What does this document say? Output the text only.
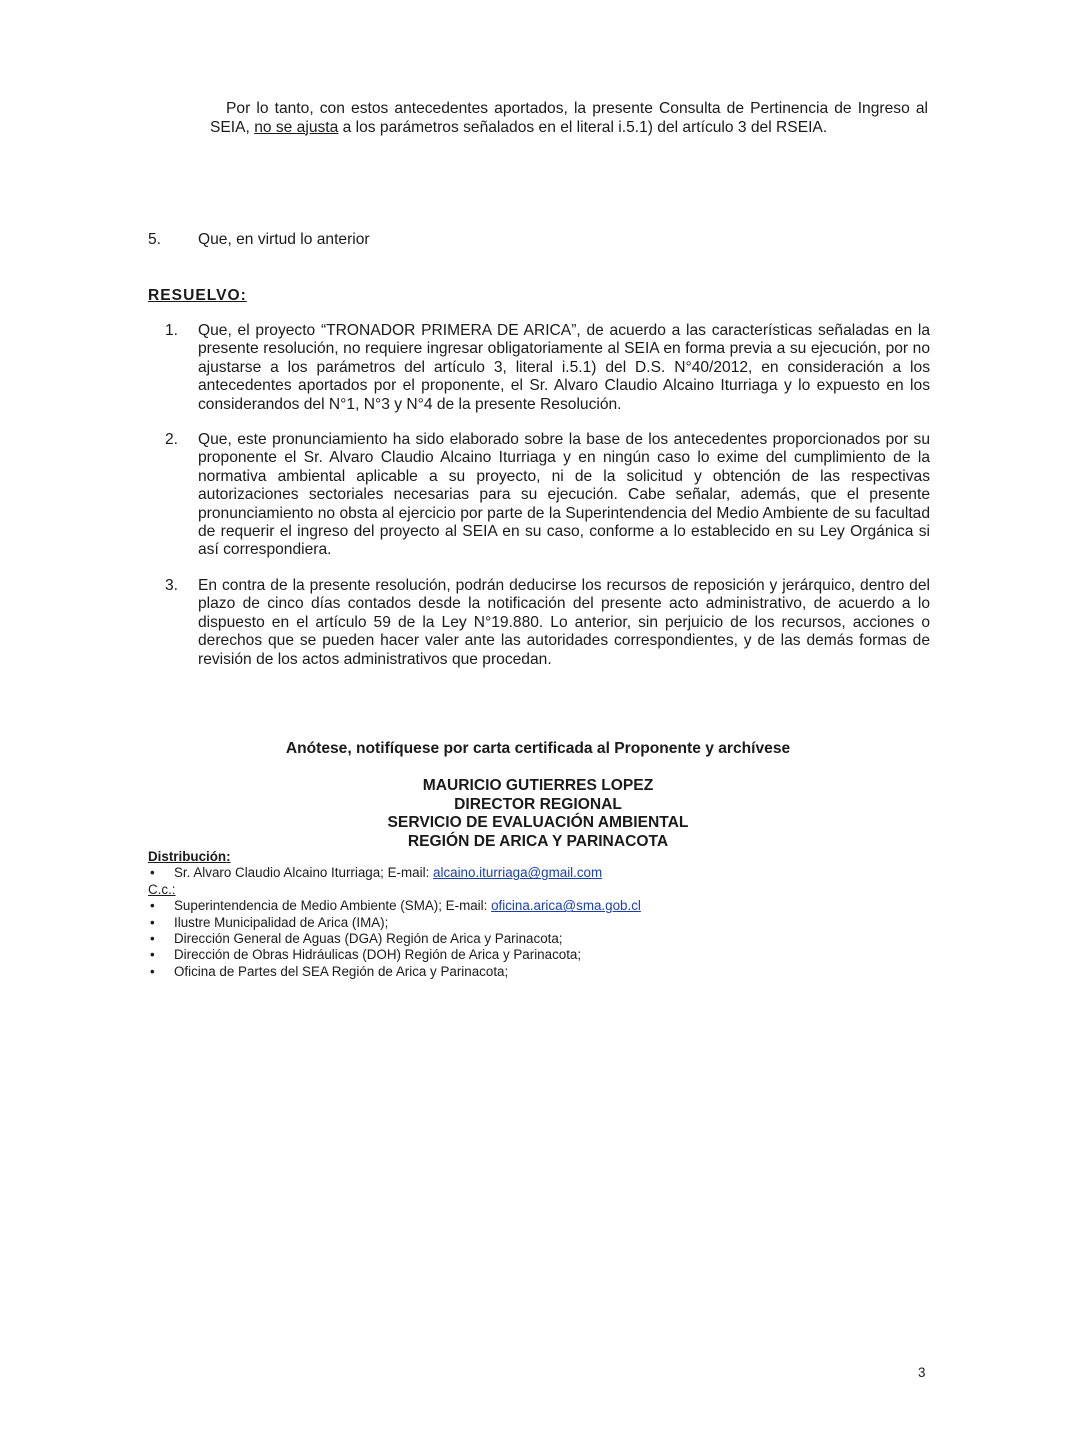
Por lo tanto, con estos antecedentes aportados, la presente Consulta de Pertinencia de Ingreso al SEIA, no se ajusta a los parámetros señalados en el literal i.5.1) del artículo 3 del RSEIA.
5. Que, en virtud lo anterior
RESUELVO:
1.	Que, el proyecto “TRONADOR PRIMERA DE ARICA”, de acuerdo a las características señaladas en la presente resolución, no requiere ingresar obligatoriamente al SEIA en forma previa a su ejecución, por no ajustarse a los parámetros del artículo 3, literal i.5.1) del D.S. N°40/2012, en consideración a los antecedentes aportados por el proponente, el Sr. Alvaro Claudio Alcaino Iturriaga y lo expuesto en los considerandos del N°1, N°3 y N°4 de la presente Resolución.
2.	Que, este pronunciamiento ha sido elaborado sobre la base de los antecedentes proporcionados por su proponente el Sr. Alvaro Claudio Alcaino Iturriaga y en ningún caso lo exime del cumplimiento de la normativa ambiental aplicable a su proyecto, ni de la solicitud y obtención de las respectivas autorizaciones sectoriales necesarias para su ejecución. Cabe señalar, además, que el presente pronunciamiento no obsta al ejercicio por parte de la Superintendencia del Medio Ambiente de su facultad de requerir el ingreso del proyecto al SEIA en su caso, conforme a lo establecido en su Ley Orgánica si así correspondiera.
3.	En contra de la presente resolución, podrán deducirse los recursos de reposición y jerárquico, dentro del plazo de cinco días contados desde la notificación del presente acto administrativo, de acuerdo a lo dispuesto en el artículo 59 de la Ley N°19.880. Lo anterior, sin perjuicio de los recursos, acciones o derechos que se pueden hacer valer ante las autoridades correspondientes, y de las demás formas de revisión de los actos administrativos que procedan.
Anótese, notifíquese por carta certificada al Proponente y archívese
MAURICIO GUTIERRES LOPEZ
DIRECTOR REGIONAL
SERVICIO DE EVALUACIÓN AMBIENTAL
REGIÓN DE ARICA Y PARINACOTA
Distribución:
•	Sr. Alvaro Claudio Alcaino Iturriaga; E-mail: alcaino.iturriaga@gmail.com
C.c.:
•	Superintendencia de Medio Ambiente (SMA); E-mail: oficina.arica@sma.gob.cl
•	Ilustre Municipalidad de Arica (IMA);
•	Dirección General de Aguas (DGA) Región de Arica y Parinacota;
•	Dirección de Obras Hidráulicas (DOH) Región de Arica y Parinacota;
•	Oficina de Partes del SEA Región de Arica y Parinacota;
3
